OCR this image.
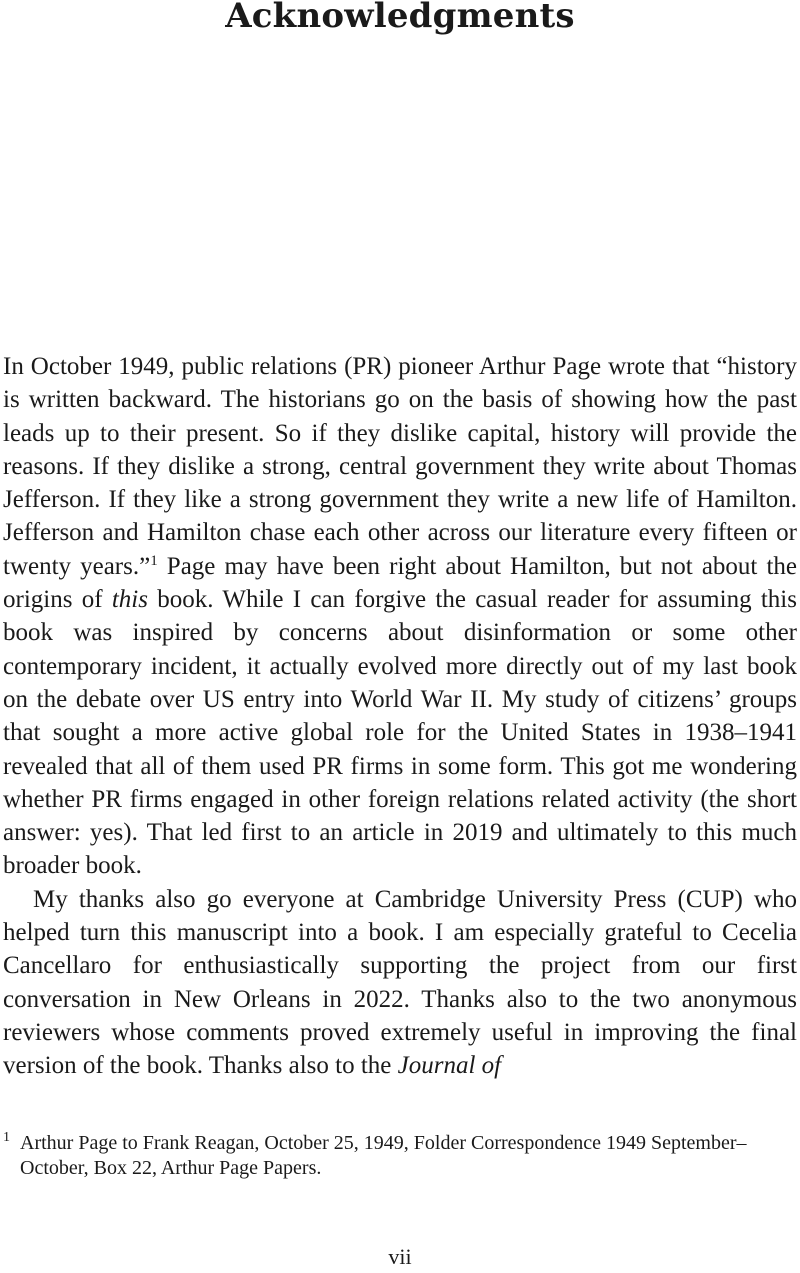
Acknowledgments

In October 1949, public relations (PR) pioneer Arthur Page wrote that “history is written backward. The historians go on the basis of showing how the past leads up to their present. So if they dislike capital, history will provide the reasons. If they dislike a strong, central government they write about Thomas Jefferson. If they like a strong government they write a new life of Hamilton. Jefferson and Hamilton chase each other across our literature every fifteen or twenty years.”$^1$ Page may have been right about Hamilton, but not about the origins of this book. While I can forgive the casual reader for assuming this book was inspired by concerns about disinformation or some other contemporary incident, it actually evolved more directly out of my last book on the debate over US entry into World War II. My study of citizens’ groups that sought a more active global role for the United States in 1938–1941 revealed that all of them used PR firms in some form. This got me wondering whether PR firms engaged in other foreign relations related activity (the short answer: yes). That led first to an article in 2019 and ultimately to this much broader book.

My thanks also go everyone at Cambridge University Press (CUP) who helped turn this manuscript into a book. I am especially grateful to Cecelia Cancellaro for enthusiastically supporting the project from our first conversation in New Orleans in 2022. Thanks also to the two anonymous reviewers whose comments proved extremely useful in improving the final version of the book. Thanks also to the Journal of

1 Arthur Page to Frank Reagan, October 25, 1949, Folder Correspondence 1949 September–October, Box 22, Arthur Page Papers.
vii
